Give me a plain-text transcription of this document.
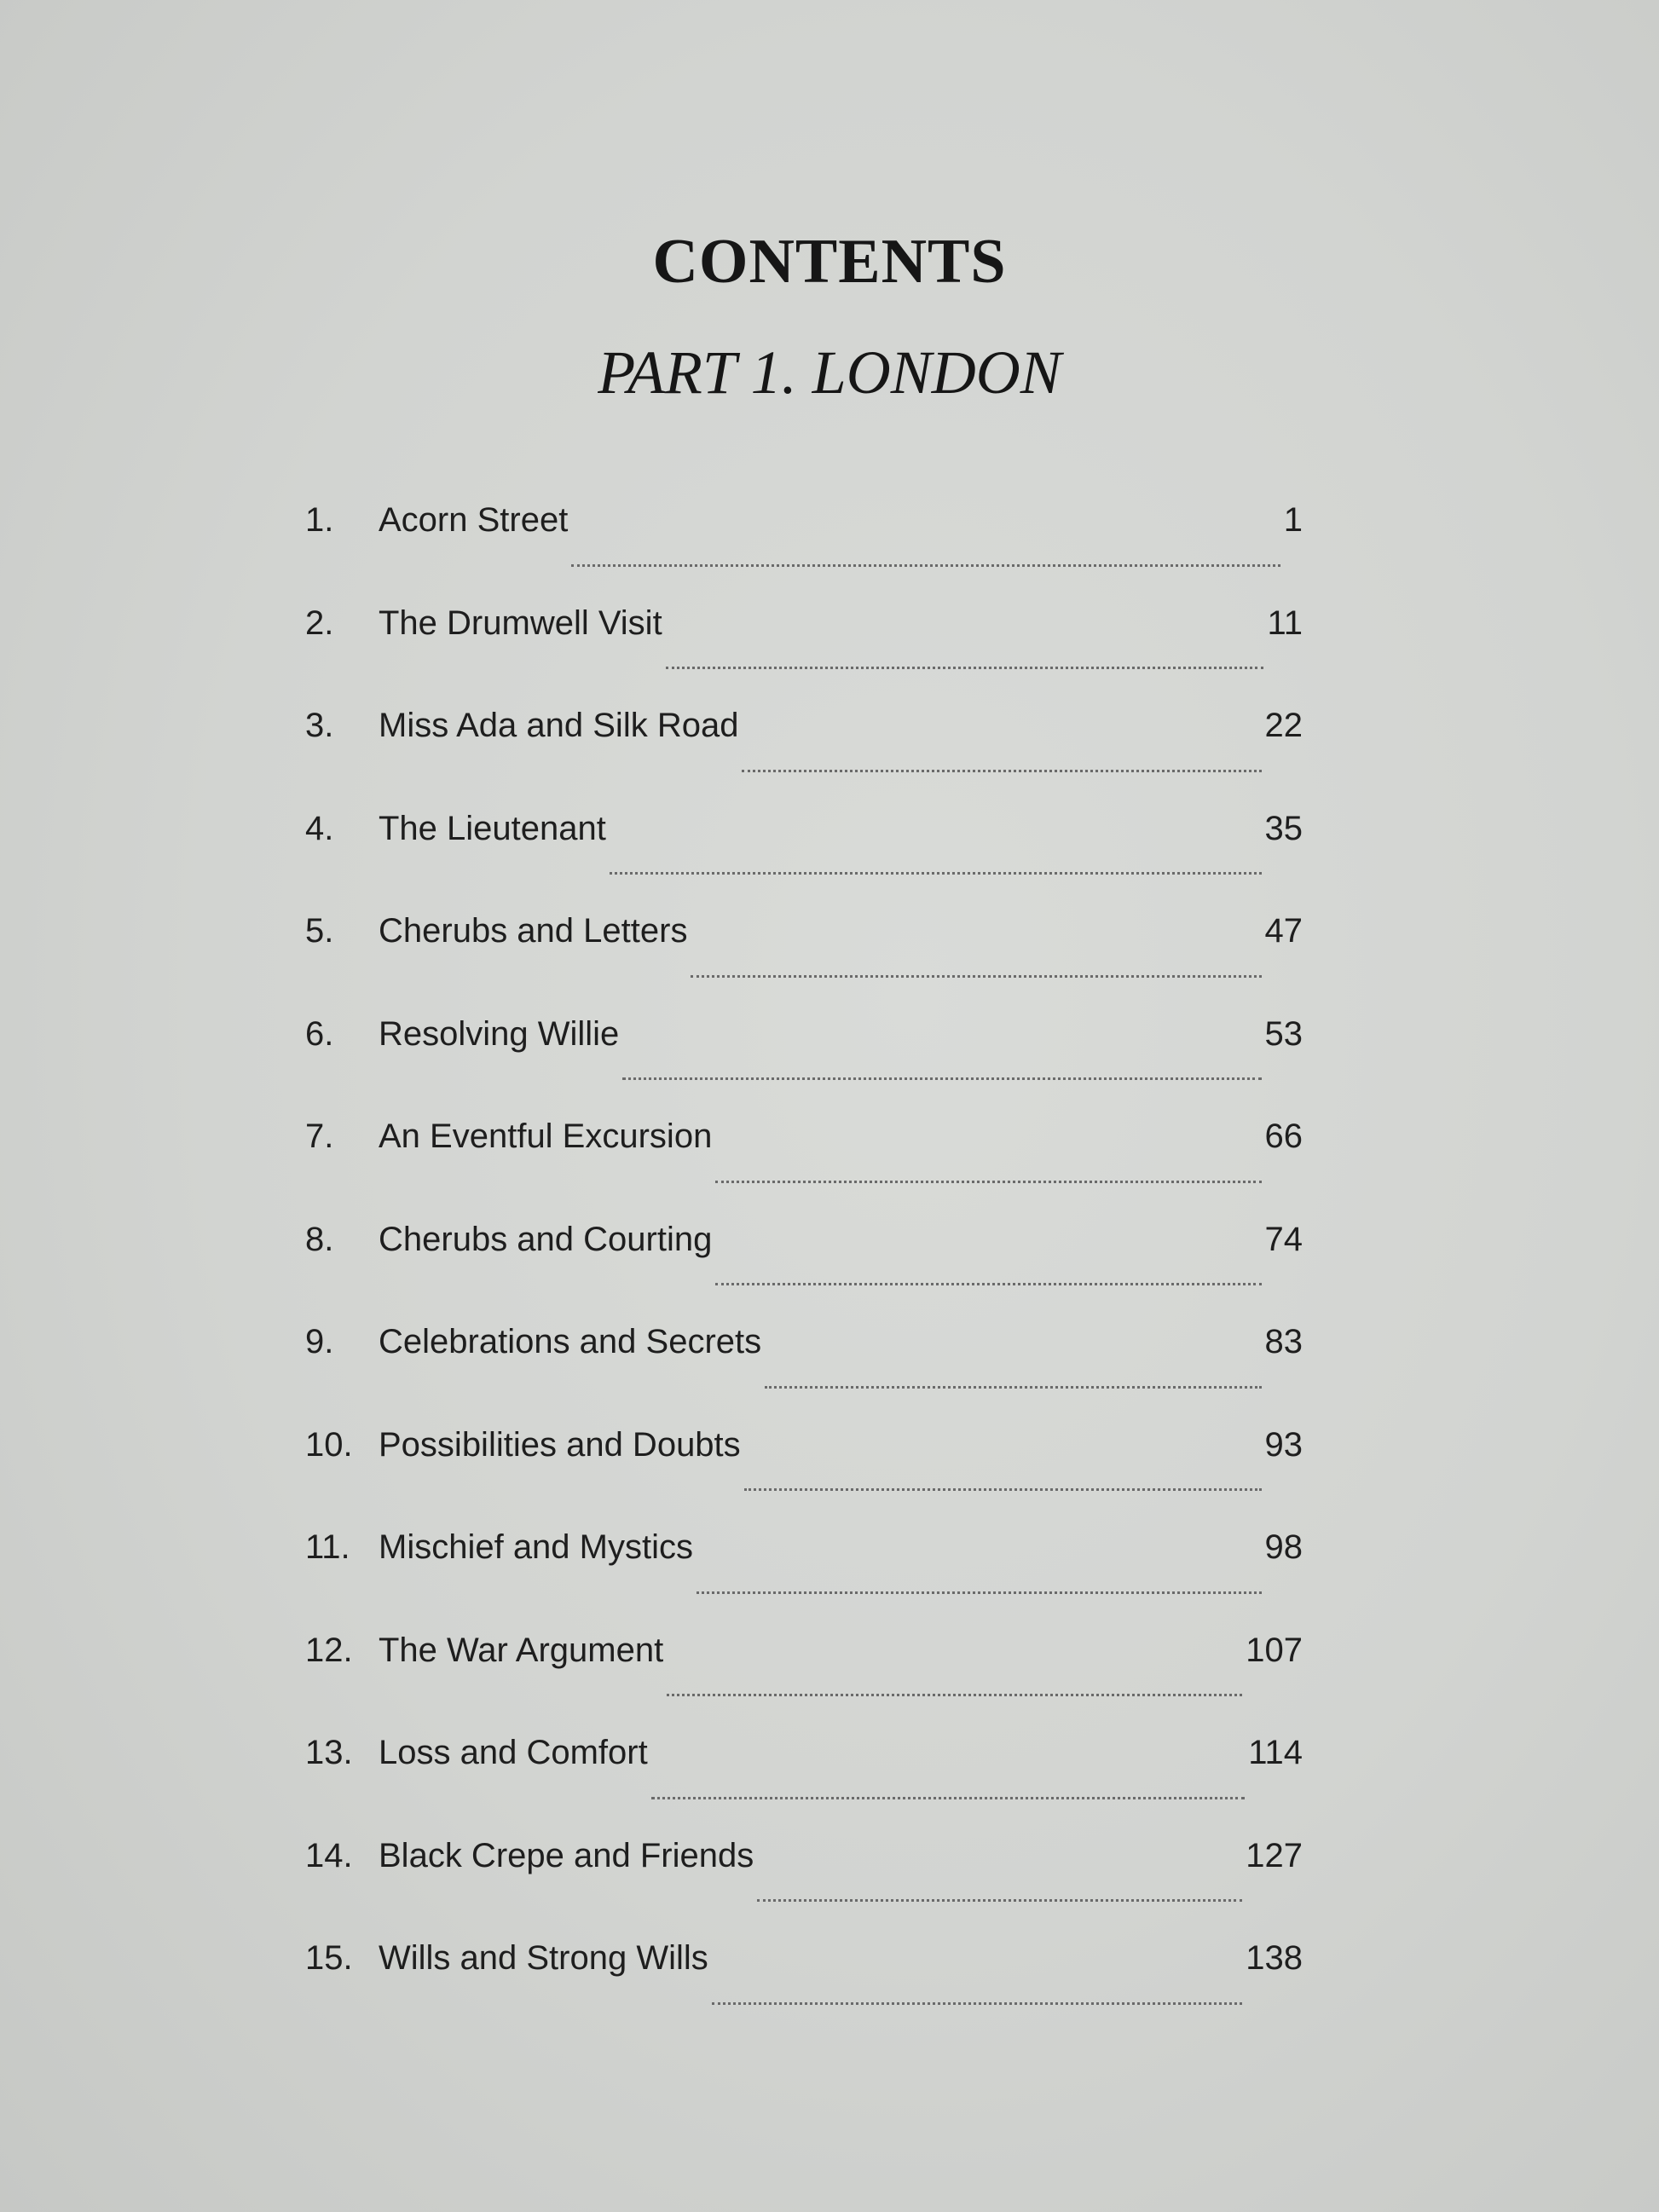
CONTENTS
PART 1. LONDON
1.	Acorn Street	1
2.	The Drumwell Visit	11
3.	Miss Ada and Silk Road	22
4.	The Lieutenant	35
5.	Cherubs and Letters	47
6.	Resolving Willie	53
7.	An Eventful Excursion	66
8.	Cherubs and Courting	74
9.	Celebrations and Secrets	83
10. Possibilities and Doubts	93
11. Mischief and Mystics	98
12. The War Argument	107
13. Loss and Comfort	114
14. Black Crepe and Friends	127
15. Wills and Strong Wills	138
